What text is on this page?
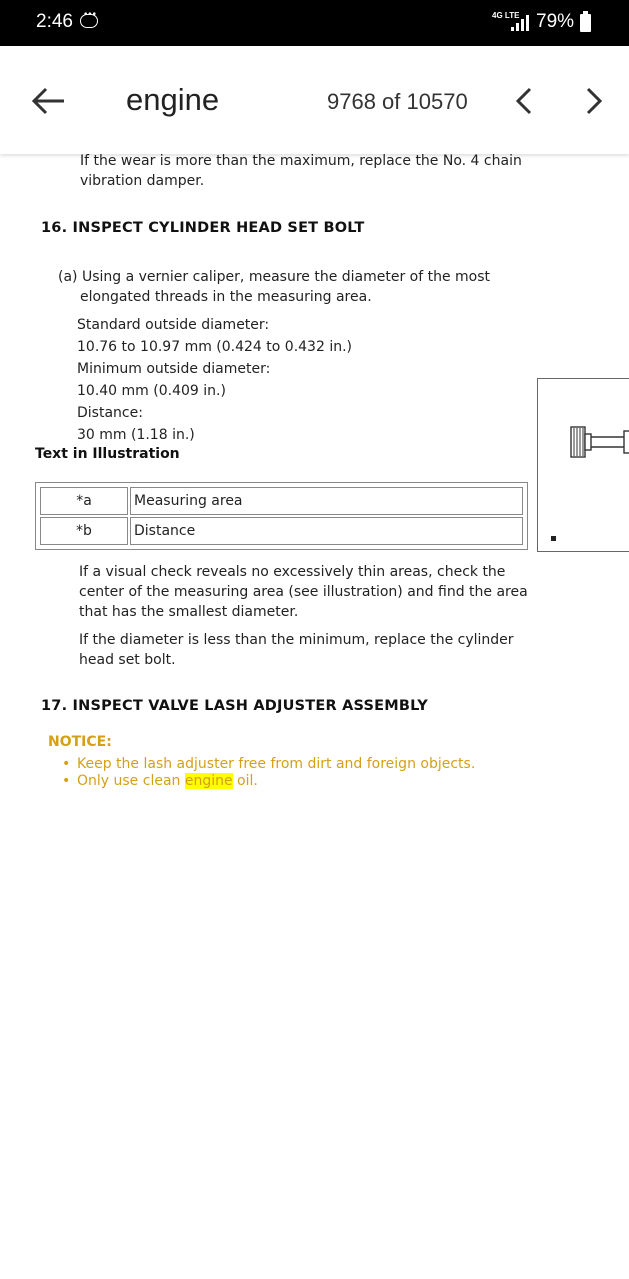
2:46 •••	4G LTE 79%
engine	9768 of 10570
If the wear is more than the maximum, replace the No. 4 chain
vibration damper.
16. INSPECT CYLINDER HEAD SET BOLT
(a) Using a vernier caliper, measure the diameter of the most
elongated threads in the measuring area.
Standard outside diameter:
10.76 to 10.97 mm (0.424 to 0.432 in.)
Minimum outside diameter:
10.40 mm (0.409 in.)
Distance:
30 mm (1.18 in.)
Text in Illustration
*a	Measuring area
*b	Distance
If a visual check reveals no excessively thin areas, check the
center of the measuring area (see illustration) and find the area
that has the smallest diameter.
If the diameter is less than the minimum, replace the cylinder
head set bolt.
17. INSPECT VALVE LASH ADJUSTER ASSEMBLY
NOTICE:
• Keep the lash adjuster free from dirt and foreign objects.
• Only use clean engine oil.
